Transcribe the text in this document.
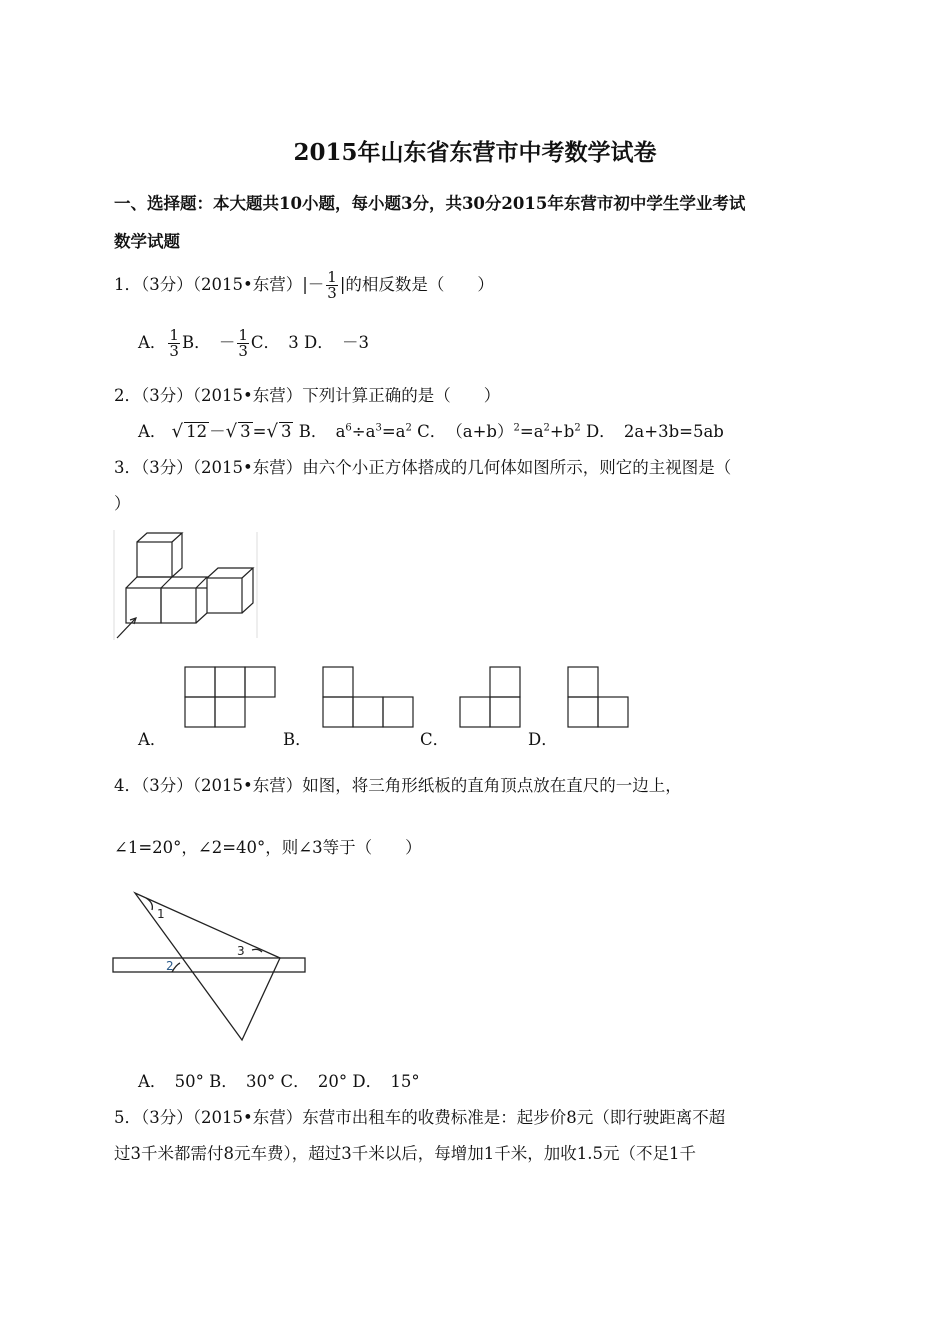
2015年山东省东营市中考数学试卷
一、选择题：本大题共10小题，每小题3分，共30分2015年东营市初中学生学业考试
数学试题
1．（3分）（2015•东营）|－ $\frac{1}{3}$ |的相反数是（　　）
A． $\frac{1}{3}$ B．　－ $\frac{1}{3}$ C．　3 D．　－3
2．（3分）（2015•东营）下列计算正确的是（　　）
A． √ 12 －√ 3 =√ 3 B．　$a^6\div a^3=a^2$ C．　$(a+b)^2=a^2+b^2$ D．　2a+3b=5ab
3．（3分）（2015•东营）由六个小正方体搭成的几何体如图所示，则它的主视图是（
）
A．	B．	C．	D．
4．（3分）（2015•东营）如图，将三角形纸板的直角顶点放在直尺的一边上，
∠1=20°，∠2=40°，则∠3等于（　　）
1
3
2
A．　50° B．　30° C．　20° D．　15°
5．（3分）（2015•东营）东营市出租车的收费标准是：起步价8元（即行驶距离不超
过3千米都需付8元车费），超过3千米以后，每增加1千米，加收1.5元（不足1千
